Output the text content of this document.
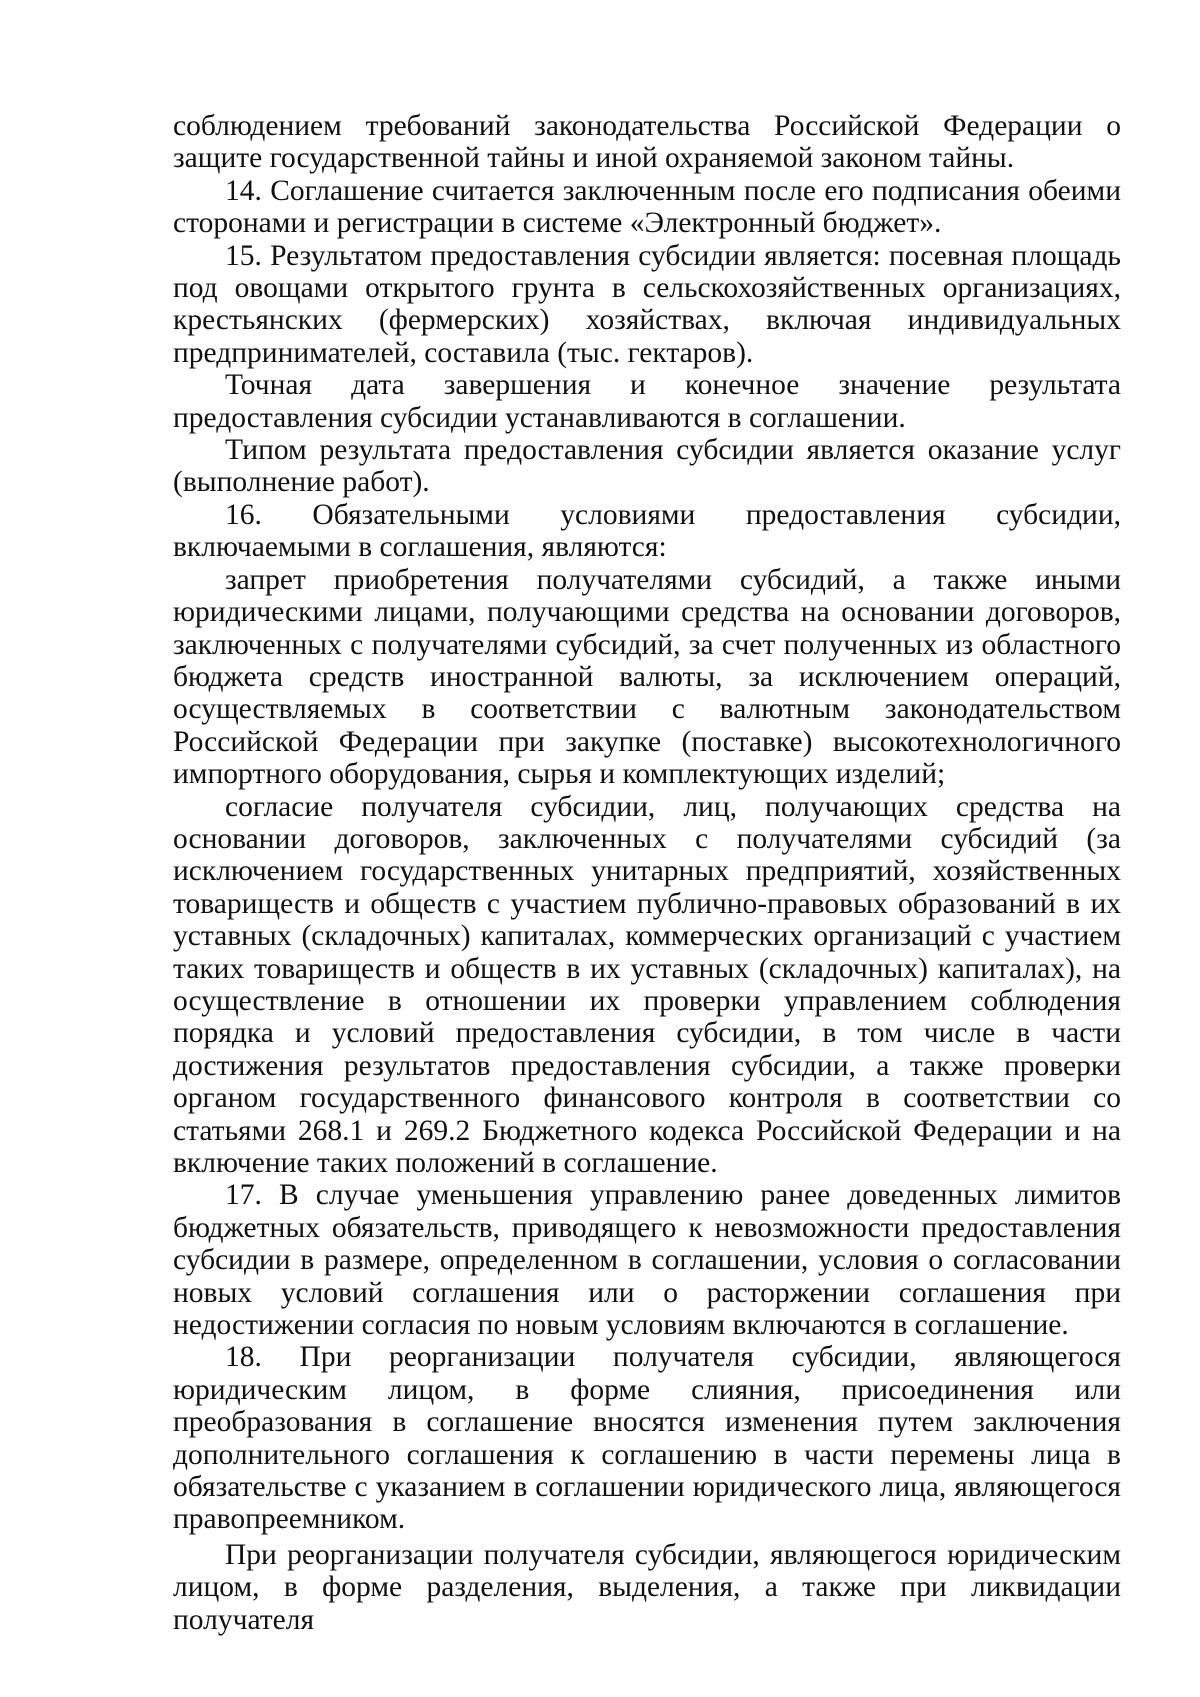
соблюдением требований законодательства Российской Федерации о защите государственной тайны и иной охраняемой законом тайны.

14. Соглашение считается заключенным после его подписания обеими сторонами и регистрации в системе «Электронный бюджет».

15. Результатом предоставления субсидии является: посевная площадь под овощами открытого грунта в сельскохозяйственных организациях, крестьянских (фермерских) хозяйствах, включая индивидуальных предпринимателей, составила (тыс. гектаров).

Точная дата завершения и конечное значение результата предоставления субсидии устанавливаются в соглашении.

Типом результата предоставления субсидии является оказание услуг (выполнение работ).

16. Обязательными условиями предоставления субсидии, включаемыми в соглашения, являются:

запрет приобретения получателями субсидий, а также иными юридическими лицами, получающими средства на основании договоров, заключенных с получателями субсидий, за счет полученных из областного бюджета средств иностранной валюты, за исключением операций, осуществляемых в соответствии с валютным законодательством Российской Федерации при закупке (поставке) высокотехнологичного импортного оборудования, сырья и комплектующих изделий;

согласие получателя субсидии, лиц, получающих средства на основании договоров, заключенных с получателями субсидий (за исключением государственных унитарных предприятий, хозяйственных товариществ и обществ с участием публично-правовых образований в их уставных (складочных) капиталах, коммерческих организаций с участием таких товариществ и обществ в их уставных (складочных) капиталах), на осуществление в отношении их проверки управлением соблюдения порядка и условий предоставления субсидии, в том числе в части достижения результатов предоставления субсидии, а также проверки органом государственного финансового контроля в соответствии со статьями 268.1 и 269.2 Бюджетного кодекса Российской Федерации и на включение таких положений в соглашение.

17. В случае уменьшения управлению ранее доведенных лимитов бюджетных обязательств, приводящего к невозможности предоставления субсидии в размере, определенном в соглашении, условия о согласовании новых условий соглашения или о расторжении соглашения при недостижении согласия по новым условиям включаются в соглашение.

18. При реорганизации получателя субсидии, являющегося юридическим лицом, в форме слияния, присоединения или преобразования в соглашение вносятся изменения путем заключения дополнительного соглашения к соглашению в части перемены лица в обязательстве с указанием в соглашении юридического лица, являющегося правопреемником.

При реорганизации получателя субсидии, являющегося юридическим лицом, в форме разделения, выделения, а также при ликвидации получателя
